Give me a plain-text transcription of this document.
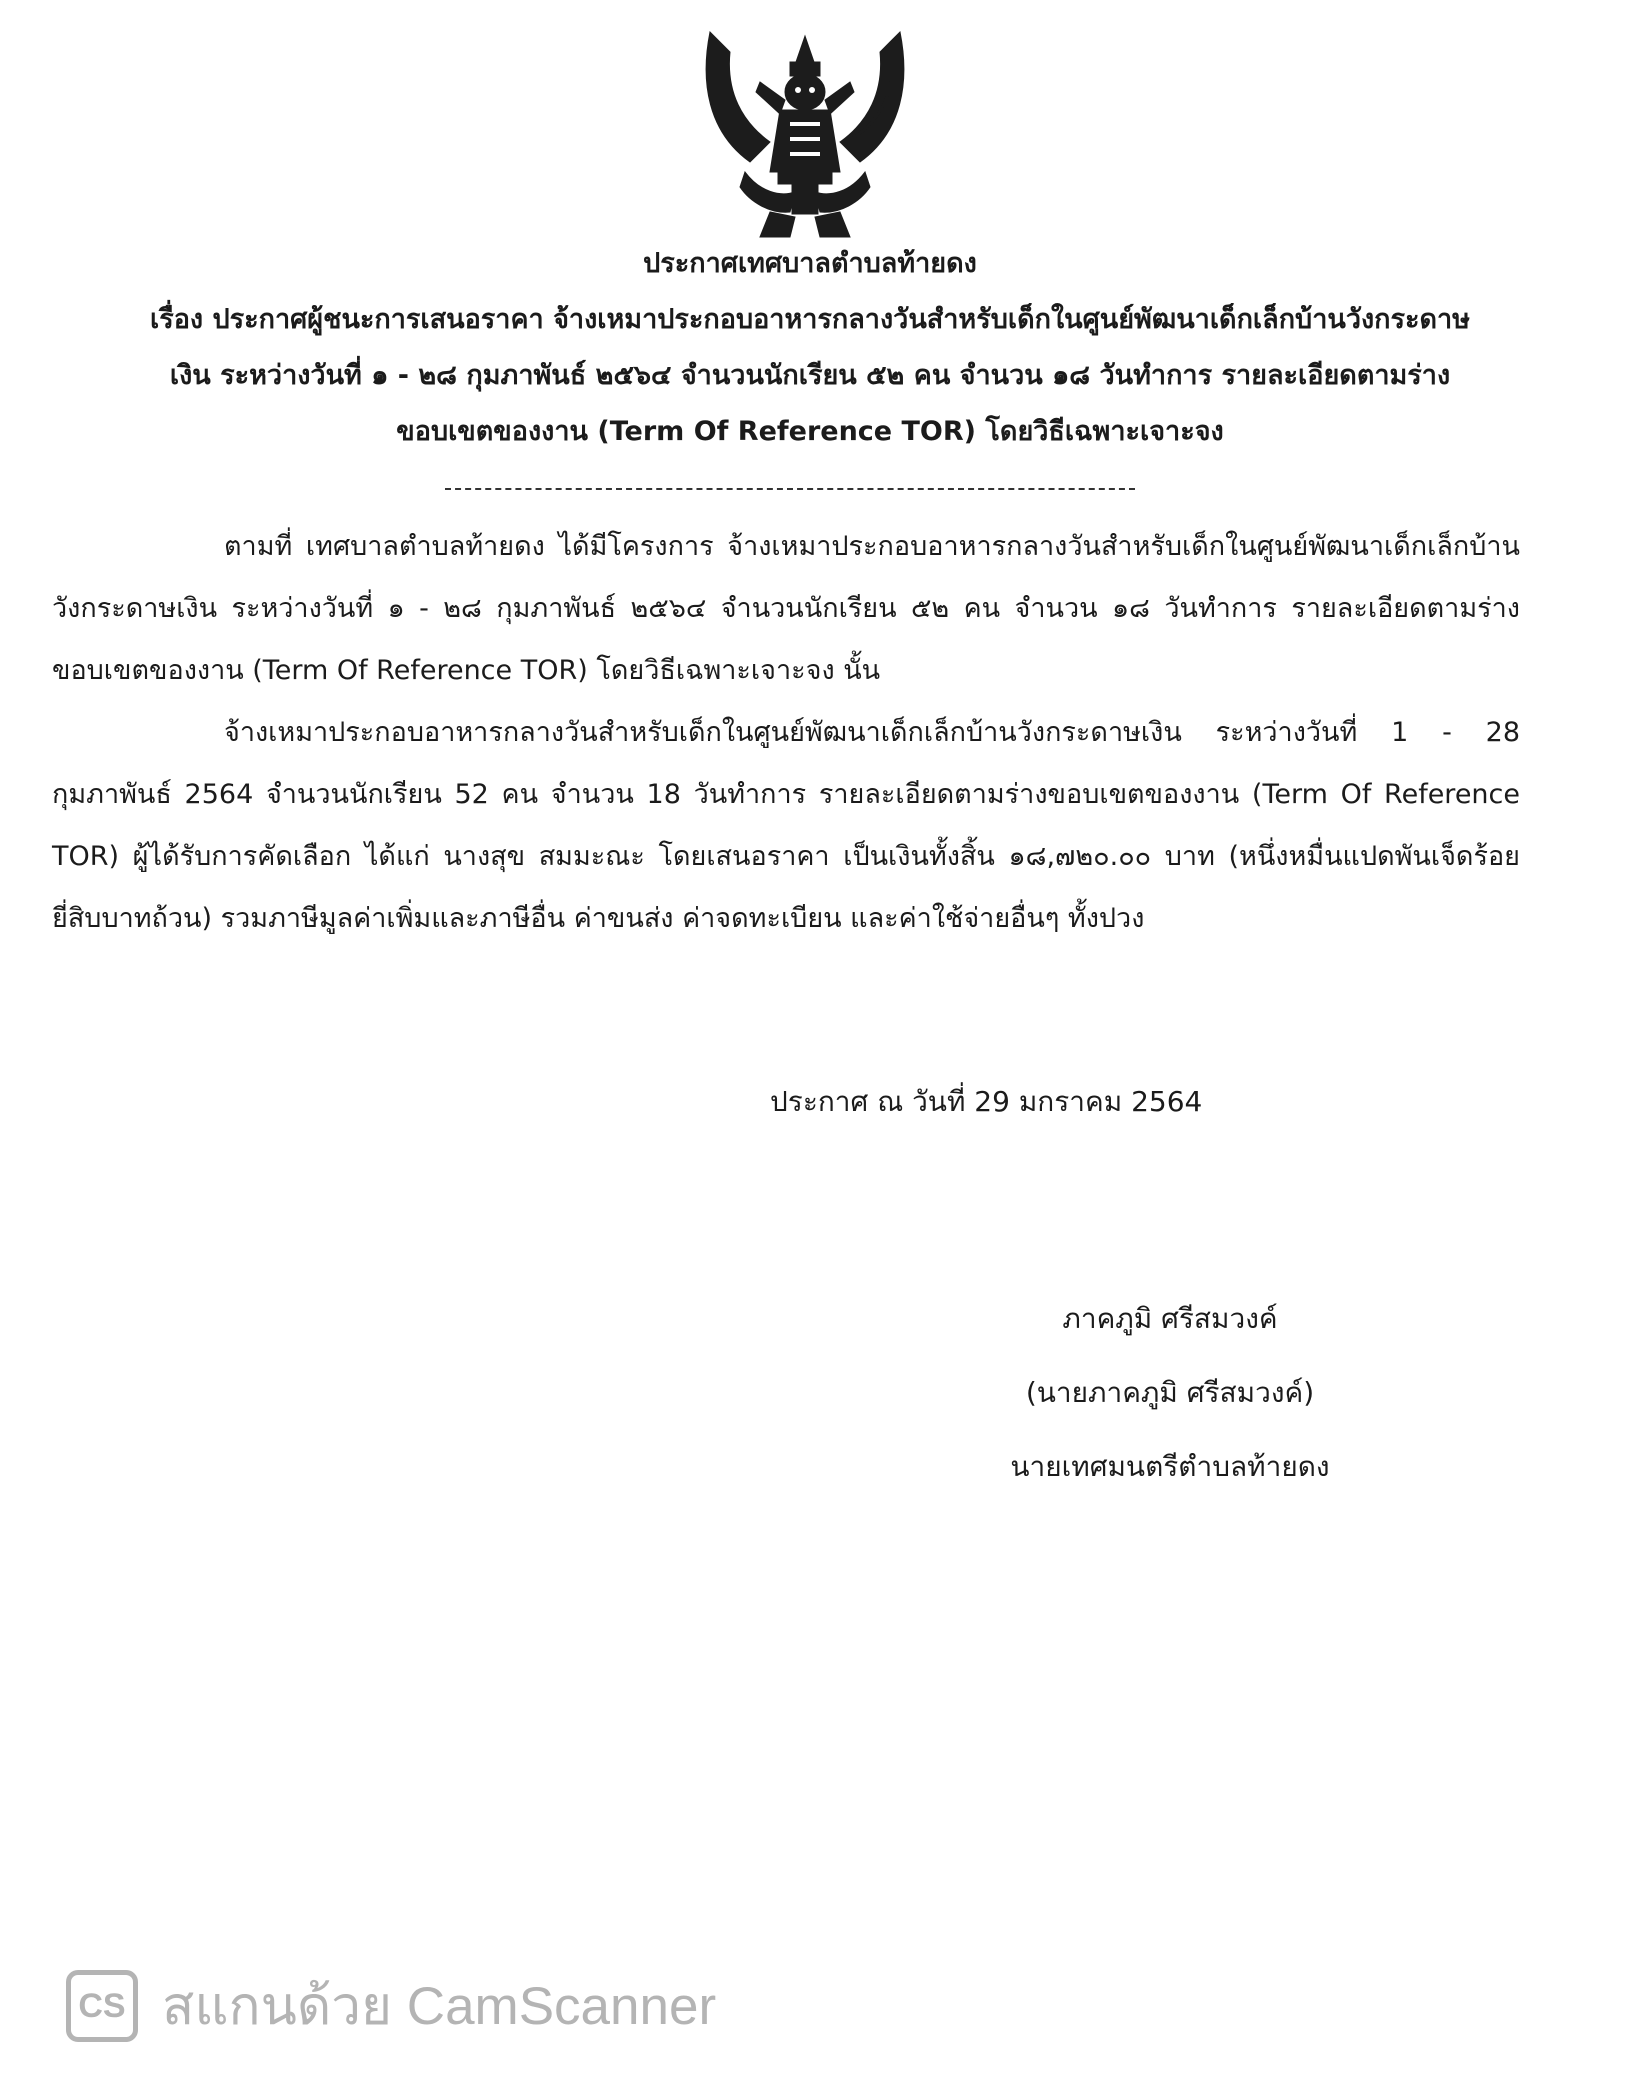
ประกาศเทศบาลตำบลท้ายดง
เรื่อง ประกาศผู้ชนะการเสนอราคา จ้างเหมาประกอบอาหารกลางวันสำหรับเด็กในศูนย์พัฒนาเด็กเล็กบ้านวังกระดาษเงิน ระหว่างวันที่ ๑ - ๒๘ กุมภาพันธ์ ๒๕๖๔ จำนวนนักเรียน ๕๒ คน จำนวน ๑๘ วันทำการ รายละเอียดตามร่างขอบเขตของงาน (Term Of Reference TOR) โดยวิธีเฉพาะเจาะจง

ตามที่ เทศบาลตำบลท้ายดง ได้มีโครงการ จ้างเหมาประกอบอาหารกลางวันสำหรับเด็กในศูนย์พัฒนาเด็กเล็กบ้านวังกระดาษเงิน ระหว่างวันที่ ๑ - ๒๘ กุมภาพันธ์ ๒๕๖๔ จำนวนนักเรียน ๕๒ คน จำนวน ๑๘ วันทำการ รายละเอียดตามร่างขอบเขตของงาน (Term Of Reference TOR) โดยวิธีเฉพาะเจาะจง นั้น

จ้างเหมาประกอบอาหารกลางวันสำหรับเด็กในศูนย์พัฒนาเด็กเล็กบ้านวังกระดาษเงิน ระหว่างวันที่ 1 - 28 กุมภาพันธ์ 2564 จำนวนนักเรียน 52 คน จำนวน 18 วันทำการ รายละเอียดตามร่างขอบเขตของงาน (Term Of Reference TOR) ผู้ได้รับการคัดเลือก ได้แก่ นางสุข สมมะณะ โดยเสนอราคา เป็นเงินทั้งสิ้น ๑๘,๗๒๐.๐๐ บาท (หนึ่งหมื่นแปดพันเจ็ดร้อยยี่สิบบาทถ้วน) รวมภาษีมูลค่าเพิ่มและภาษีอื่น ค่าขนส่ง ค่าจดทะเบียน และค่าใช้จ่ายอื่นๆ ทั้งปวง

ประกาศ ณ วันที่ 29 มกราคม 2564
ภาคภูมิ ศรีสมวงค์
(นายภาคภูมิ ศรีสมวงค์)
นายเทศมนตรีตำบลท้ายดง
CS สแกนด้วย CamScanner
